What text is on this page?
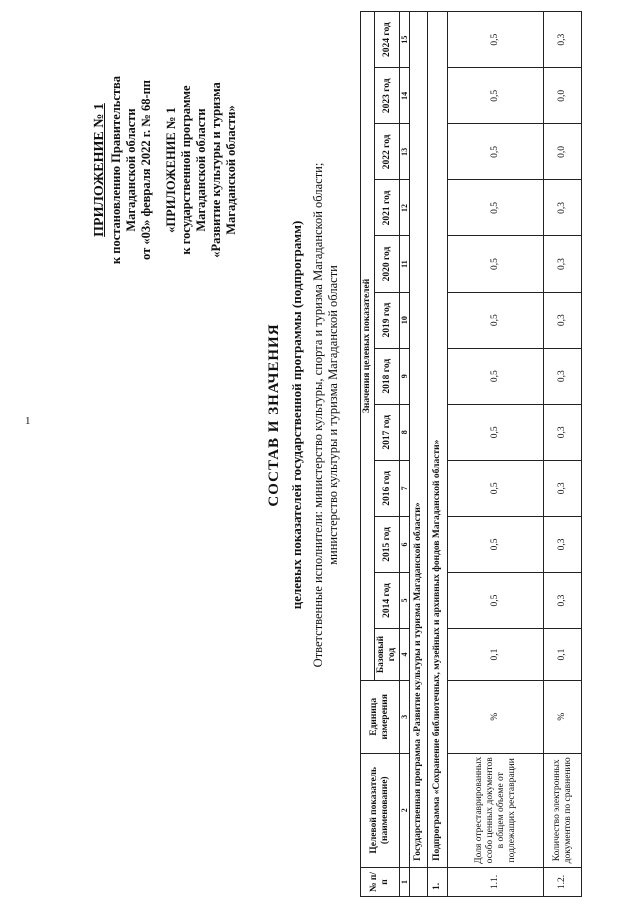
1
ПРИЛОЖЕНИЕ № 1 к постановлению Правительства Магаданской области от «03» февраля 2022 г. № 68-пп «ПРИЛОЖЕНИЕ № 1 к государственной программе Магаданской области «Развитие культуры и туризма Магаданской области»
СОСТАВ И ЗНАЧЕНИЯ целевых показателей государственной программы (подпрограмм) Ответственные исполнители: министерство культуры, спорта и туризма Магаданской области; министерство культуры и туризма Магаданской области
№ п/п	Целевой показатель (наименование)	Единица измерения	Значения целевых показателей											
			Базовый год	2014 год	2015 год	2016 год	2017 год	2018 год	2019 год	2020 год	2021 год	2022 год	2023 год	2024 год
1	2	3	4	5	6	7	8	9	10	11	12	13	14	15
	Государственная программа «Развитие культуры и туризма Магаданской области»													
1.	Подпрограмма «Сохранение библиотечных, музейных и архивных фондов Магаданской области»													
1.1.	Доля отреставрированных особо ценных документов в общем объеме от подлежащих реставрации	%	0,1	0,5	0,5	0,5	0,5	0,5	0,5	0,5	0,5	0,5	0,5	0,5
1.2.	Количество электронных документов по сравнению	%	0,1	0,3	0,3	0,3	0,3	0,3	0,3	0,3	0,3	0,0	0,0	0,3
